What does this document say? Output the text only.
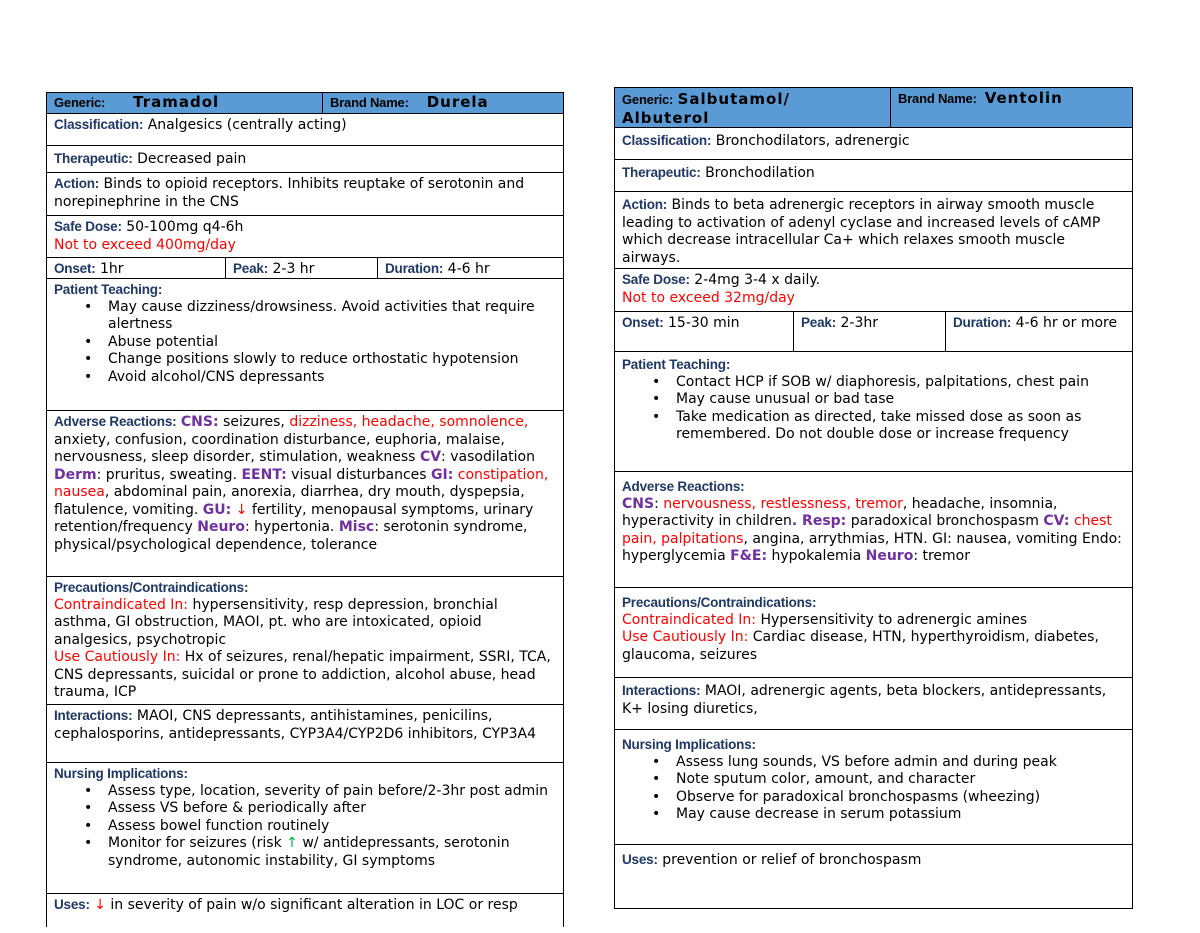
Generic: Tramadol	Brand Name: Durela
Classification: Analgesics (centrally acting)
Therapeutic: Decreased pain
Action: Binds to opioid receptors. Inhibits reuptake of serotonin and norepinephrine in the CNS
Safe Dose: 50-100mg q4-6h
Not to exceed 400mg/day
Onset: 1hr	Peak: 2-3 hr	Duration: 4-6 hr
Patient Teaching:
• May cause dizziness/drowsiness. Avoid activities that require alertness
• Abuse potential
• Change positions slowly to reduce orthostatic hypotension
• Avoid alcohol/CNS depressants
Adverse Reactions: CNS: seizures, dizziness, headache, somnolence, anxiety, confusion, coordination disturbance, euphoria, malaise, nervousness, sleep disorder, stimulation, weakness CV: vasodilation Derm: pruritus, sweating. EENT: visual disturbances GI: constipation, nausea, abdominal pain, anorexia, diarrhea, dry mouth, dyspepsia, flatulence, vomiting. GU: ↓ fertility, menopausal symptoms, urinary retention/frequency Neuro: hypertonia. Misc: serotonin syndrome, physical/psychological dependence, tolerance
Precautions/Contraindications:
Contraindicated In: hypersensitivity, resp depression, bronchial asthma, GI obstruction, MAOI, pt. who are intoxicated, opioid analgesics, psychotropic
Use Cautiously In: Hx of seizures, renal/hepatic impairment, SSRI, TCA, CNS depressants, suicidal or prone to addiction, alcohol abuse, head trauma, ICP
Interactions: MAOI, CNS depressants, antihistamines, penicilins, cephalosporins, antidepressants, CYP3A4/CYP2D6 inhibitors, CYP3A4
Nursing Implications:
• Assess type, location, severity of pain before/2-3hr post admin
• Assess VS before & periodically after
• Assess bowel function routinely
• Monitor for seizures (risk ↑ w/ antidepressants, serotonin syndrome, autonomic instability, GI symptoms
Uses: ↓ in severity of pain w/o significant alteration in LOC or resp
Generic: Salbutamol/ Albuterol
Brand Name: Ventolin
Classification: Bronchodilators, adrenergic
Therapeutic: Bronchodilation
Action: Binds to beta adrenergic receptors in airway smooth muscle leading to activation of adenyl cyclase and increased levels of cAMP which decrease intracellular Ca+ which relaxes smooth muscle airways.
Safe Dose: 2-4mg 3-4 x daily.
Not to exceed 32mg/day
Onset: 15-30 min	Peak: 2-3hr	Duration: 4-6 hr or more
Patient Teaching:
• Contact HCP if SOB w/ diaphoresis, palpitations, chest pain
• May cause unusual or bad tase
• Take medication as directed, take missed dose as soon as remembered. Do not double dose or increase frequency
Adverse Reactions:
CNS: nervousness, restlessness, tremor, headache, insomnia, hyperactivity in children. Resp: paradoxical bronchospasm CV: chest pain, palpitations, angina, arrythmias, HTN. GI: nausea, vomiting Endo: hyperglycemia F&E: hypokalemia Neuro: tremor
Precautions/Contraindications:
Contraindicated In: Hypersensitivity to adrenergic amines
Use Cautiously In: Cardiac disease, HTN, hyperthyroidism, diabetes, glaucoma, seizures
Interactions: MAOI, adrenergic agents, beta blockers, antidepressants, K+ losing diuretics,
Nursing Implications:
• Assess lung sounds, VS before admin and during peak
• Note sputum color, amount, and character
• Observe for paradoxical bronchospasms (wheezing)
• May cause decrease in serum potassium
Uses: prevention or relief of bronchospasm
